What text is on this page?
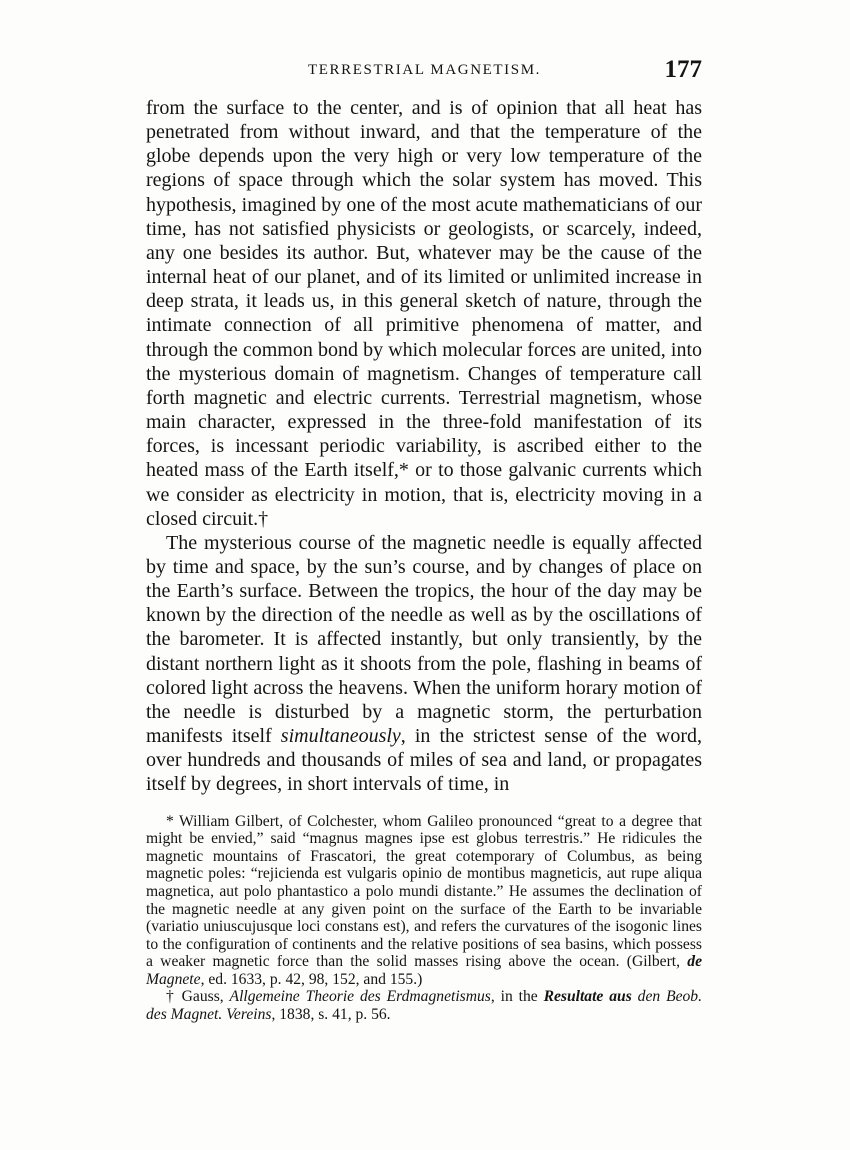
TERRESTRIAL MAGNETISM.	177

from the surface to the center, and is of opinion that all heat has penetrated from without inward, and that the temperature of the globe depends upon the very high or very low temperature of the regions of space through which the solar system has moved. This hypothesis, imagined by one of the most acute mathematicians of our time, has not satisfied physicists or geologists, or scarcely, indeed, any one besides its author. But, whatever may be the cause of the internal heat of our planet, and of its limited or unlimited increase in deep strata, it leads us, in this general sketch of nature, through the intimate connection of all primitive phenomena of matter, and through the common bond by which molecular forces are united, into the mysterious domain of magnetism. Changes of temperature call forth magnetic and electric currents. Terrestrial magnetism, whose main character, expressed in the three-fold manifestation of its forces, is incessant periodic variability, is ascribed either to the heated mass of the Earth itself,* or to those galvanic currents which we consider as electricity in motion, that is, electricity moving in a closed circuit.†

The mysterious course of the magnetic needle is equally affected by time and space, by the sun’s course, and by changes of place on the Earth’s surface. Between the tropics, the hour of the day may be known by the direction of the needle as well as by the oscillations of the barometer. It is affected instantly, but only transiently, by the distant northern light as it shoots from the pole, flashing in beams of colored light across the heavens. When the uniform horary motion of the needle is disturbed by a magnetic storm, the perturbation manifests itself simultaneously, in the strictest sense of the word, over hundreds and thousands of miles of sea and land, or propagates itself by degrees, in short intervals of time, in

* William Gilbert, of Colchester, whom Galileo pronounced “great to a degree that might be envied,” said “magnus magnes ipse est globus terrestris.” He ridicules the magnetic mountains of Frascatori, the great cotemporary of Columbus, as being magnetic poles: “rejicienda est vulgaris opinio de montibus magneticis, aut rupe aliqua magnetica, aut polo phantastico a polo mundi distante.” He assumes the declination of the magnetic needle at any given point on the surface of the Earth to be invariable (variatio uniuscujusque loci constans est), and refers the curvatures of the isogonic lines to the configuration of continents and the relative positions of sea basins, which possess a weaker magnetic force than the solid masses rising above the ocean. (Gilbert, de Magnete, ed. 1633, p. 42, 98, 152, and 155.)

† Gauss, Allgemeine Theorie des Erdmagnetismus, in the Resultate aus den Beob. des Magnet. Vereins, 1838, s. 41, p. 56.
